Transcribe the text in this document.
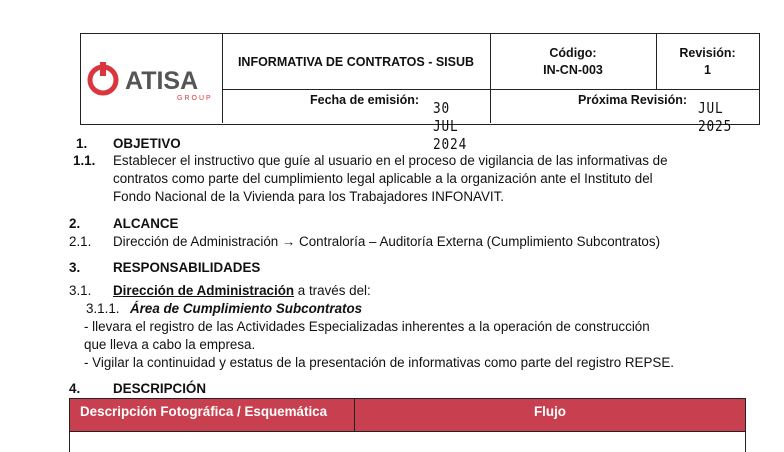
ATISA
GROUP
INFORMATIVA DE CONTRATOS - SISUB
Código:
IN-CN-003
Revisión:
1
Fecha de emisión: 30 JUL 2024
Próxima Revisión: JUL 2025
1. OBJETIVO
1.1. Establecer el instructivo que guíe al usuario en el proceso de vigilancia de las informativas de
contratos como parte del cumplimiento legal aplicable a la organización ante el Instituto del
Fondo Nacional de la Vivienda para los Trabajadores INFONAVIT.
2. ALCANCE
2.1. Dirección de Administración → Contraloría – Auditoría Externa (Cumplimiento Subcontratos)
3. RESPONSABILIDADES
3.1. Dirección de Administración a través del:
3.1.1. Área de Cumplimiento Subcontratos
- llevara el registro de las Actividades Especializadas inherentes a la operación de construcción
que lleva a cabo la empresa.
- Vigilar la continuidad y estatus de la presentación de informativas como parte del registro REPSE.
4. DESCRIPCIÓN
Descripción Fotográfica / Esquemática	Flujo
